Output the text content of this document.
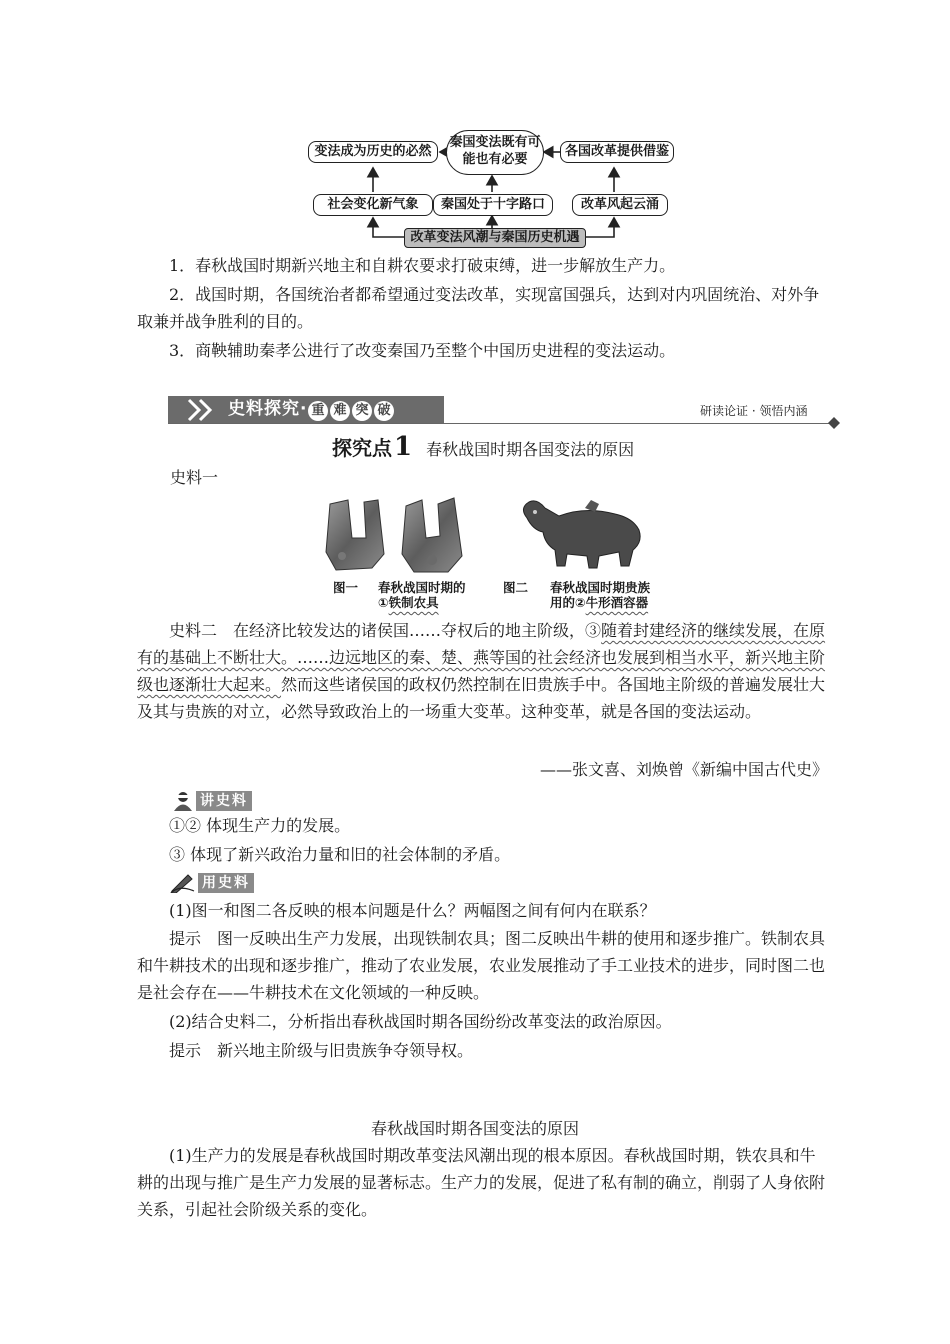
变法成为历史的必然
秦国变法既有可能也有必要
各国改革提供借鉴
社会变化新气象	秦国处于十字路口	改革风起云涌
改革变法风潮与秦国历史机遇
1．春秋战国时期新兴地主和自耕农要求打破束缚，进一步解放生产力。
2．战国时期，各国统治者都希望通过变法改革，实现富国强兵，达到对内巩固统治、对外争取兼并战争胜利的目的。
3．商鞅辅助秦孝公进行了改变秦国乃至整个中国历史进程的变法运动。
史料探究· 重 难 突 破	研读论证 · 领悟内涵
探究点1 春秋战国时期各国变法的原因
史料一
图一 春秋战国时期的
①铁制农具
图二 春秋战国时期贵族
用的②牛形酒容器
史料二 在经济比较发达的诸侯国……夺权后的地主阶级，③随着封建经济的继续发展，在原有的基础上不断壮大。……边远地区的秦、楚、燕等国的社会经济也发展到相当水平，新兴地主阶级也逐渐壮大起来。然而这些诸侯国的政权仍然控制在旧贵族手中。各国地主阶级的普遍发展壮大及其与贵族的对立，必然导致政治上的一场重大变革。这种变革，就是各国的变法运动。
——张文喜、刘焕曾《新编中国古代史》
讲史料
①② 体现生产力的发展。
③ 体现了新兴政治力量和旧的社会体制的矛盾。
用史料
(1)图一和图二各反映的根本问题是什么？两幅图之间有何内在联系？
提示　图一反映出生产力发展，出现铁制农具；图二反映出牛耕的使用和逐步推广。铁制农具和牛耕技术的出现和逐步推广，推动了农业发展，农业发展推动了手工业技术的进步，同时图二也是社会存在——牛耕技术在文化领域的一种反映。
(2)结合史料二，分析指出春秋战国时期各国纷纷改革变法的政治原因。
提示　新兴地主阶级与旧贵族争夺领导权。
春秋战国时期各国变法的原因
(1)生产力的发展是春秋战国时期改革变法风潮出现的根本原因。春秋战国时期，铁农具和牛耕的出现与推广是生产力发展的显著标志。生产力的发展，促进了私有制的确立，削弱了人身依附关系，引起社会阶级关系的变化。
